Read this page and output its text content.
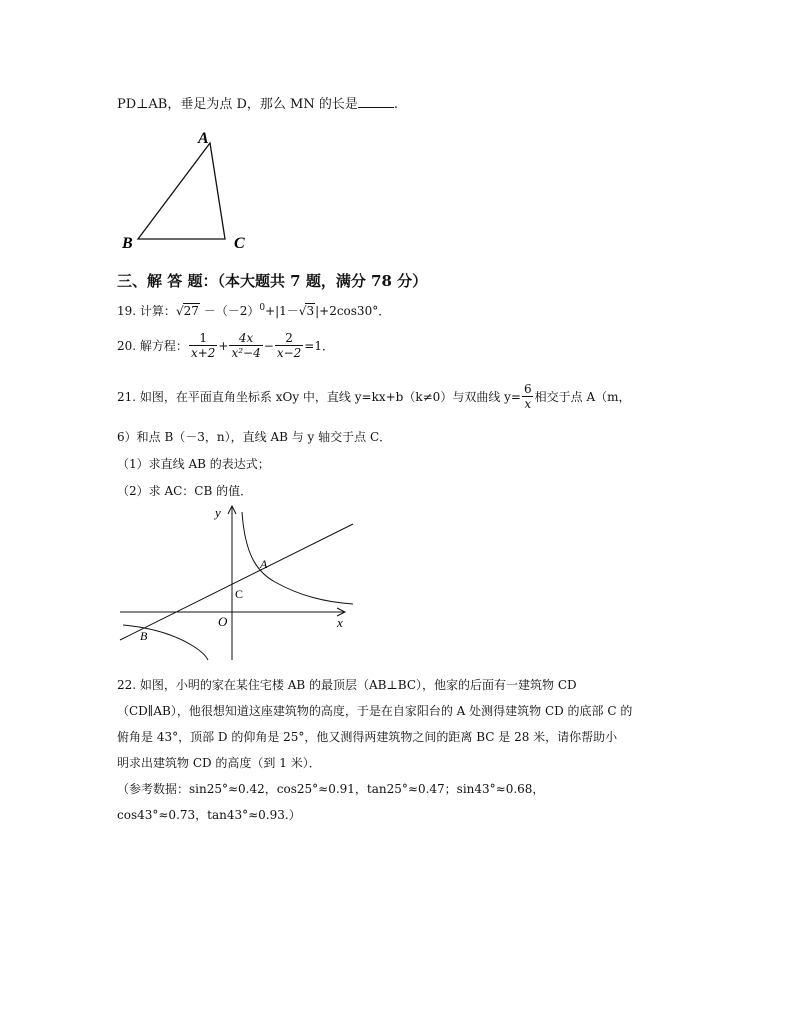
PD⊥AB，垂足为点 D，那么 MN 的长是	.
A
B	C
三、解 答 题：（本大题共 7 题，满分 78 分）
19. 计算：$√27 -(-2)^0+|1-√3|+2\cos 30^\circ$．
20.
解方程： $\frac{1}{x+2} + \frac{4x}{\text{x²−4}} - \frac{2}{x-2} =1$．
21.
如图，在平面直角坐标系 xOy 中，直线 y=kx+b（k≠0）与双曲线 $y= \frac{6}{x}$ 相交于点 A（m，
6）和点 B（－3，n），直线 AB 与 y 轴交于点 C．
（1）求直线 AB 的表达式；
（2）求 AC：CB 的值．
y
x
O
A
B
C
22. 如图，小明的家在某住宅楼 AB 的最顶层（AB⊥BC），他家的后面有一建筑物 CD
（CD∥AB），他很想知道这座建筑物的高度，于是在自家阳台的 A 处测得建筑物 CD 的底部 C 的
俯角是 43°，顶部 D 的仰角是 25°，他又测得两建筑物之间的距离 BC 是 28 米，请你帮助小
明求出建筑物 CD 的高度（到 1 米）．
（参考数据：sin25°≈0.42，cos25°≈0.91，tan25°≈0.47；sin43°≈0.68，
cos43°≈0.73，tan43°≈0.93.）
